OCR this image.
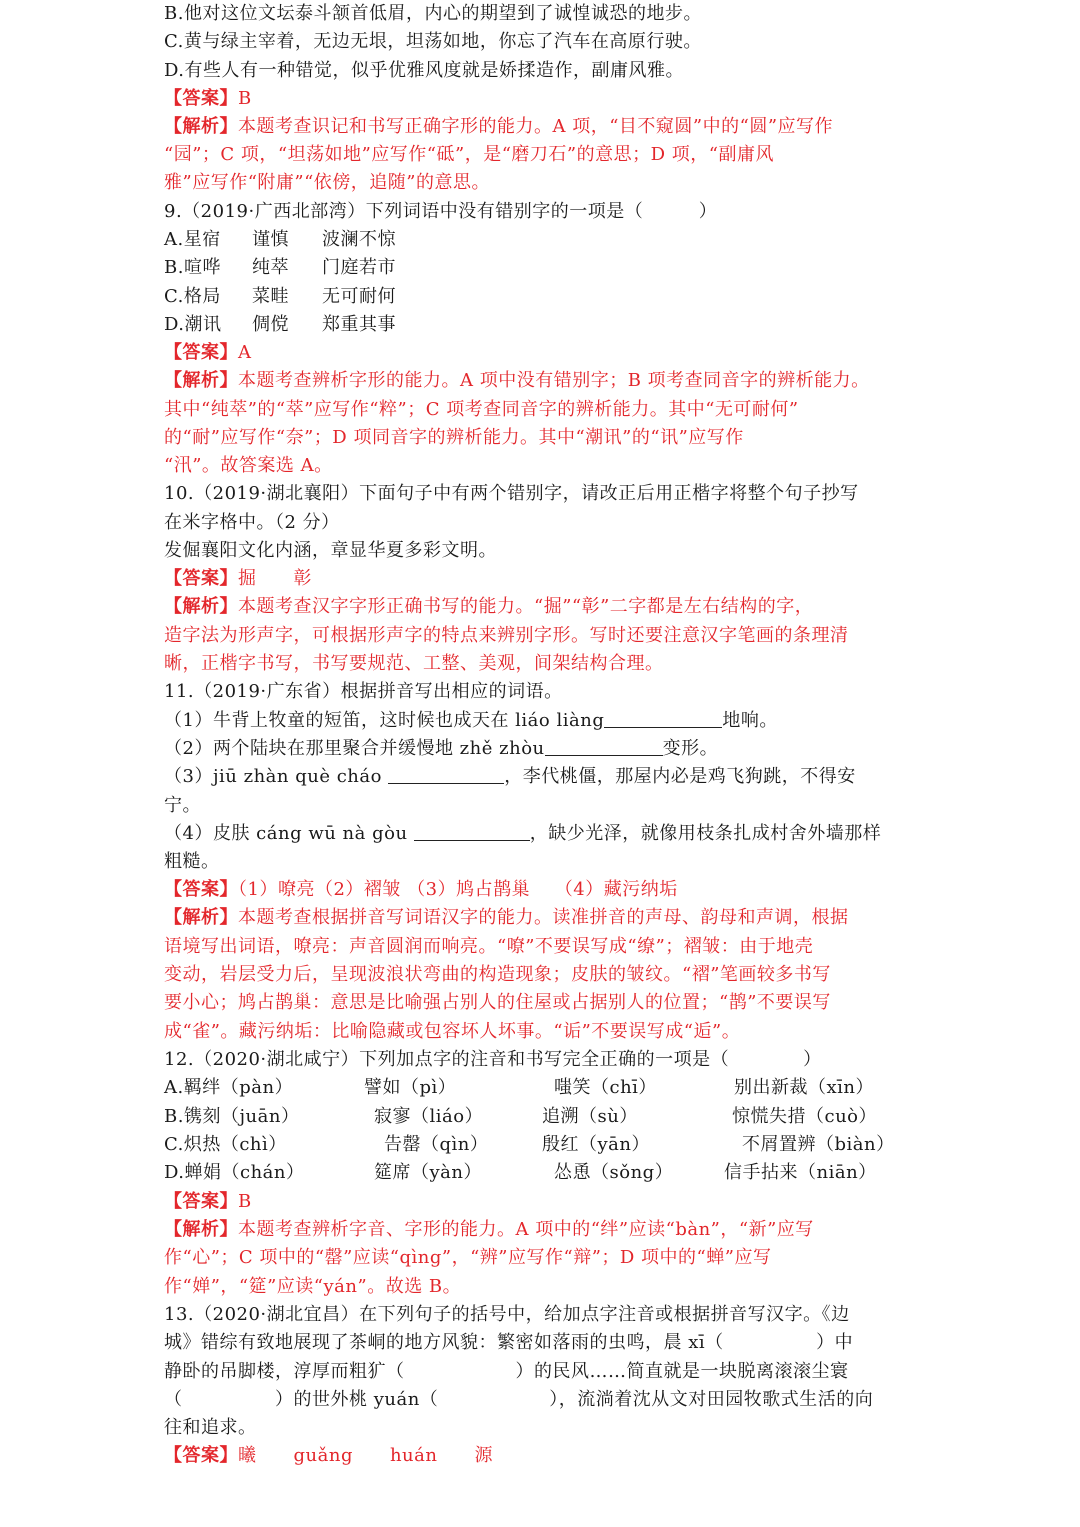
B.他对这位文坛泰斗颔首低眉，内心的期望到了诚惶诚恐的地步。
C.黄与绿主宰着，无边无垠，坦荡如地，你忘了汽车在高原行驶。
D.有些人有一种错觉，似乎优雅风度就是娇揉造作，副庸风雅。
【答案】B
【解析】本题考查识记和书写正确字形的能力。A 项，“目不窥圆”中的“圆”应写作
“园”；C 项，“坦荡如地”应写作“砥”，是“磨刀石”的意思；D 项，“副庸风
雅”应写作“附庸”“依傍，追随”的意思。
9.（2019·广西北部湾）下列词语中没有错别字的一项是（　　　）
A.星宿 谨慎 波澜不惊
B.喧哗 纯萃 门庭若市
C.格局 菜畦 无可耐何
D.潮讯 倜傥 郑重其事
【答案】A
【解析】本题考查辨析字形的能力。A 项中没有错别字；B 项考查同音字的辨析能力。
其中“纯萃”的“萃”应写作“粹”；C 项考查同音字的辨析能力。其中“无可耐何”
的“耐”应写作“奈”；D 项同音字的辨析能力。其中“潮讯”的“讯”应写作
“汛”。故答案选 A。
10.（2019·湖北襄阳）下面句子中有两个错别字，请改正后用正楷字将整个句子抄写
在米字格中。（2 分）
发倔襄阳文化内涵，章显华夏多彩文明。
【答案】掘　　彰
【解析】本题考查汉字字形正确书写的能力。“掘”“彰”二字都是左右结构的字，
造字法为形声字，可根据形声字的特点来辨别字形。写时还要注意汉字笔画的条理清
晰，正楷字书写，书写要规范、工整、美观，间架结构合理。
11.（2019·广东省）根据拼音写出相应的词语。
（1）牛背上牧童的短笛，这时候也成天在 liáo liàng	地响。
（2）两个陆块在那里聚合并缓慢地 zhě zhòu	变形。
（3）jiū zhàn què cháo	，李代桃僵，那屋内必是鸡飞狗跳，不得安
宁。
（4）皮肤 cáng wū nà gòu	，缺少光泽，就像用枝条扎成村舍外墙那样
粗糙。
【答案】（1）嘹亮（2）褶皱 （3）鸠占鹊巢　 （4）藏污纳垢
【解析】本题考查根据拼音写词语汉字的能力。读准拼音的声母、韵母和声调，根据
语境写出词语，嘹亮：声音圆润而响亮。“嘹”不要误写成“缭”；褶皱：由于地壳
变动，岩层受力后，呈现波浪状弯曲的构造现象；皮肤的皱纹。“褶”笔画较多书写
要小心；鸠占鹊巢：意思是比喻强占别人的住屋或占据别人的位置；“鹊”不要误写
成“雀”。藏污纳垢：比喻隐藏或包容坏人坏事。“诟”不要误写成“逅”。
12.（2020·湖北咸宁）下列加点字的注音和书写完全正确的一项是（　　　　）
A.羁绊（pàn）	譬如（pì）	嗤笑（chī）	别出新裁（xīn）
B.镌刻（juān）	寂寥（liáo）	追溯（sù）	惊慌失措（cuò）
C.炽热（chì）	告罄（qìn）	殷红（yān）	不屑置辨（biàn）
D.蝉娟（chán）	筵席（yàn）	怂恿（sǒng）	信手拈来（niān）
【答案】B
【解析】本题考查辨析字音、字形的能力。A 项中的“绊”应读“bàn”，“新”应写
作“心”；C 项中的“罄”应读“qìng”，“辨”应写作“辩”；D 项中的“蝉”应写
作“婵”，“筵”应读“yán”。故选 B。
13.（2020·湖北宜昌）在下列句子的括号中，给加点字注音或根据拼音写汉字。《边
城》错综有致地展现了茶峒的地方风貌：繁密如落雨的虫鸣，晨 xī（　　　　　）中
静卧的吊脚楼，淳厚而粗犷（　　　　　　）的民风……简直就是一块脱离滚滚尘寰
（　　　　　）的世外桃 yuán（　　　　　　），流淌着沈从文对田园牧歌式生活的向
往和追求。
【答案】曦　　guǎng　　huán　　源
